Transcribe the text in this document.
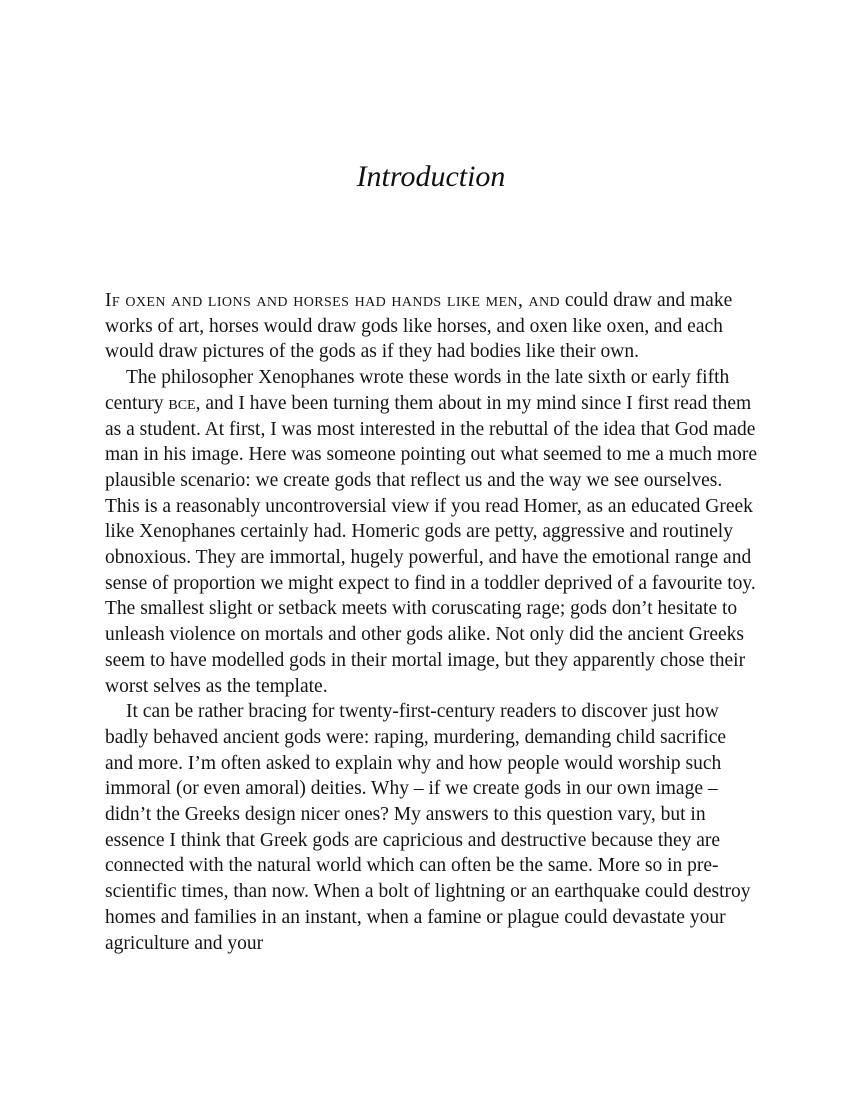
Introduction

If oxen and lions and horses had hands like men, and could draw and make works of art, horses would draw gods like horses, and oxen like oxen, and each would draw pictures of the gods as if they had bodies like their own.

The philosopher Xenophanes wrote these words in the late sixth or early fifth century bce, and I have been turning them about in my mind since I first read them as a student. At first, I was most interested in the rebuttal of the idea that God made man in his image. Here was someone pointing out what seemed to me a much more plausible scenario: we create gods that reflect us and the way we see ourselves. This is a reasonably uncontroversial view if you read Homer, as an educated Greek like Xenophanes certainly had. Homeric gods are petty, aggressive and routinely obnoxious. They are immortal, hugely powerful, and have the emotional range and sense of proportion we might expect to find in a toddler deprived of a favourite toy. The smallest slight or setback meets with coruscating rage; gods don’t hesitate to unleash violence on mortals and other gods alike. Not only did the ancient Greeks seem to have modelled gods in their mortal image, but they apparently chose their worst selves as the template.

It can be rather bracing for twenty-first-century readers to discover just how badly behaved ancient gods were: raping, murdering, demanding child sacrifice and more. I’m often asked to explain why and how people would worship such immoral (or even amoral) deities. Why – if we create gods in our own image – didn’t the Greeks design nicer ones? My answers to this question vary, but in essence I think that Greek gods are capricious and destructive because they are connected with the natural world which can often be the same. More so in pre-scientific times, than now. When a bolt of lightning or an earthquake could destroy homes and families in an instant, when a famine or plague could devastate your agriculture and your
